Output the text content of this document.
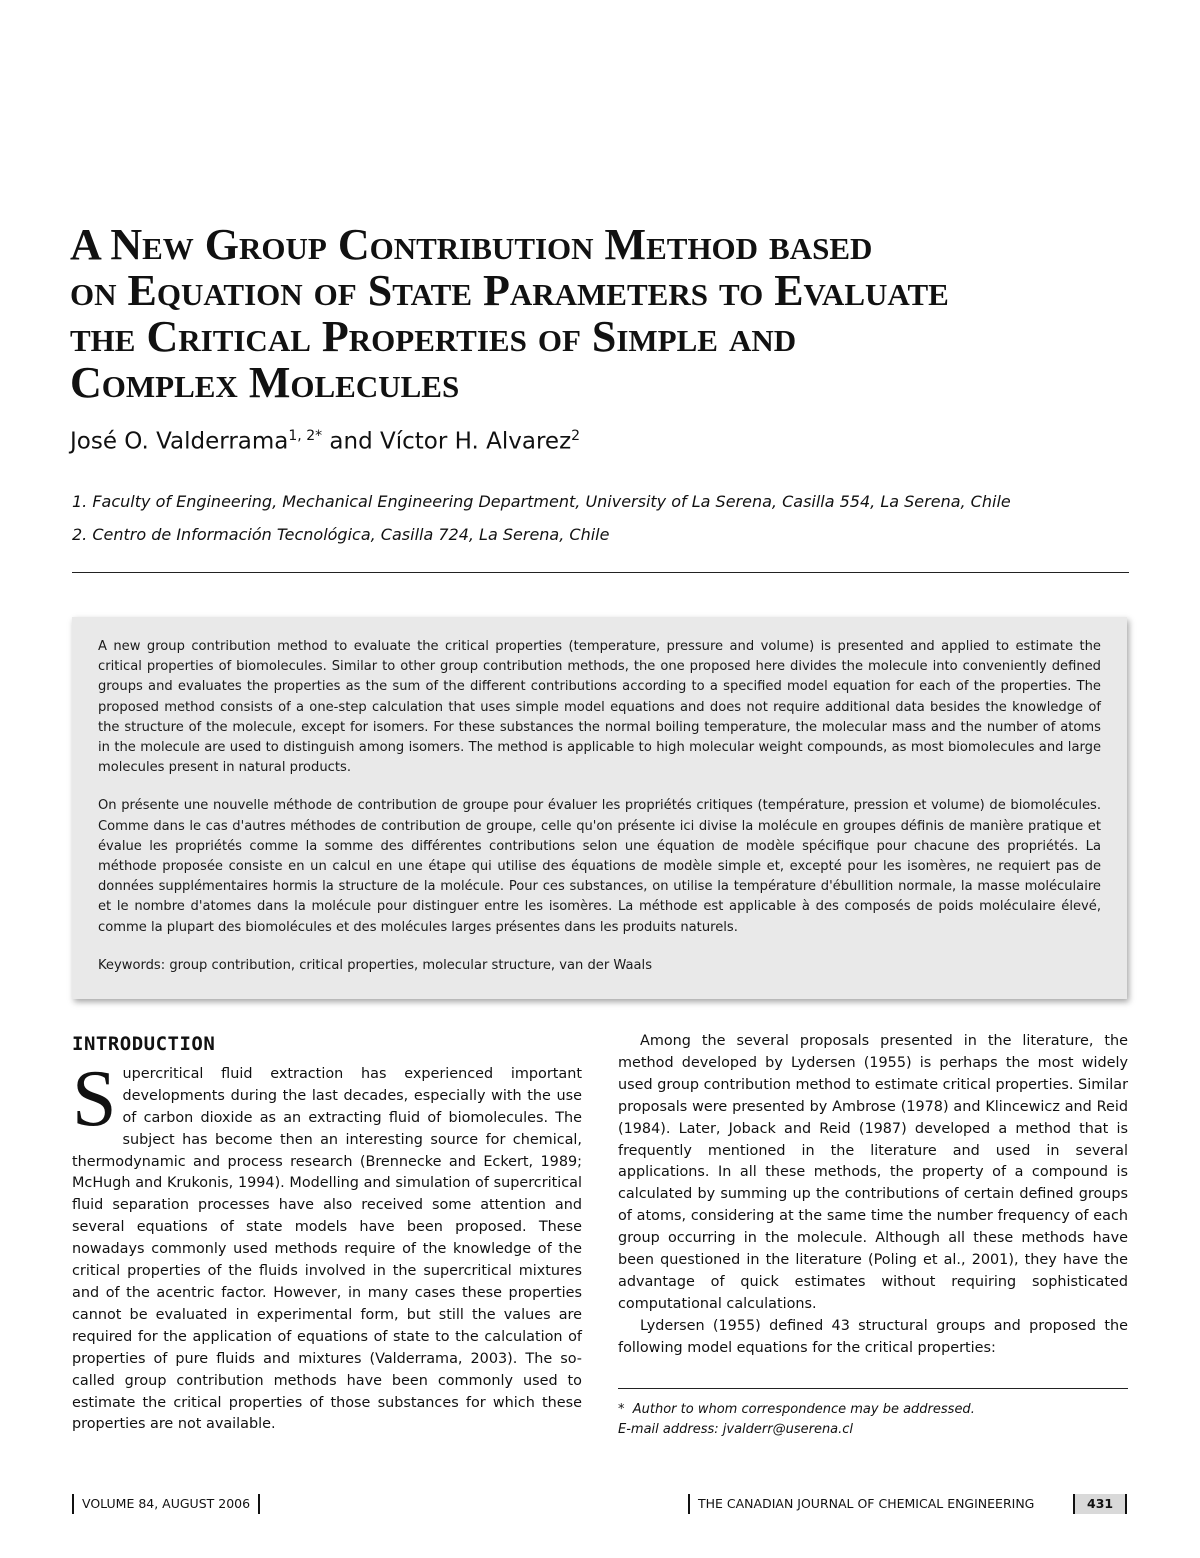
A New Group Contribution Method based
on Equation of State Parameters to Evaluate
the Critical Properties of Simple and
Complex Molecules
José O. Valderrama$^{1, 2*}$ and Víctor H. Alvarez$^2$
1. Faculty of Engineering, Mechanical Engineering Department, University of La Serena, Casilla 554, La Serena, Chile
2. Centro de Información Tecnológica, Casilla 724, La Serena, Chile

A new group contribution method to evaluate the critical properties (temperature, pressure and volume) is presented and applied to estimate the critical properties of biomolecules. Similar to other group contribution methods, the one proposed here divides the molecule into conveniently defined groups and evaluates the properties as the sum of the different contributions according to a specified model equation for each of the properties. The proposed method consists of a one-step calculation that uses simple model equations and does not require additional data besides the knowledge of the structure of the molecule, except for isomers. For these substances the normal boiling temperature, the molecular mass and the number of atoms in the molecule are used to distinguish among isomers. The method is applicable to high molecular weight compounds, as most biomolecules and large molecules present in natural products.

On présente une nouvelle méthode de contribution de groupe pour évaluer les propriétés critiques (température, pression et volume) de biomolécules. Comme dans le cas d'autres méthodes de contribution de groupe, celle qu'on présente ici divise la molécule en groupes définis de manière pratique et évalue les propriétés comme la somme des différentes contributions selon une équation de modèle spécifique pour chacune des propriétés. La méthode proposée consiste en un calcul en une étape qui utilise des équations de modèle simple et, excepté pour les isomères, ne requiert pas de données supplémentaires hormis la structure de la molécule. Pour ces substances, on utilise la température d'ébullition normale, la masse moléculaire et le nombre d'atomes dans la molécule pour distinguer entre les isomères. La méthode est applicable à des composés de poids moléculaire élevé, comme la plupart des biomolécules et des molécules larges présentes dans les produits naturels.

Keywords: group contribution, critical properties, molecular structure, van der Waals

INTRODUCTION

Supercritical fluid extraction has experienced important developments during the last decades, especially with the use of carbon dioxide as an extracting fluid of biomolecules. The subject has become then an interesting source for chemical, thermodynamic and process research (Brennecke and Eckert, 1989; McHugh and Krukonis, 1994). Modelling and simulation of supercritical fluid separation processes have also received some attention and several equations of state models have been proposed. These nowadays commonly used methods require of the knowledge of the critical properties of the fluids involved in the supercritical mixtures and of the acentric factor. However, in many cases these properties cannot be evaluated in experimental form, but still the values are required for the application of equations of state to the calculation of properties of pure fluids and mixtures (Valderrama, 2003). The so-called group contribution methods have been commonly used to estimate the critical properties of those substances for which these properties are not available.

Among the several proposals presented in the literature, the method developed by Lydersen (1955) is perhaps the most widely used group contribution method to estimate critical properties. Similar proposals were presented by Ambrose (1978) and Klincewicz and Reid (1984). Later, Joback and Reid (1987) developed a method that is frequently mentioned in the literature and used in several applications. In all these methods, the property of a compound is calculated by summing up the contributions of certain defined groups of atoms, considering at the same time the number frequency of each group occurring in the molecule. Although all these methods have been questioned in the literature (Poling et al., 2001), they have the advantage of quick estimates without requiring sophisticated computational calculations.

Lydersen (1955) defined 43 structural groups and proposed the following model equations for the critical properties:

*  Author to whom correspondence may be addressed.
E-mail address: jvalderr@userena.cl
VOLUME 84, AUGUST 2006	THE CANADIAN JOURNAL OF CHEMICAL ENGINEERING	431
